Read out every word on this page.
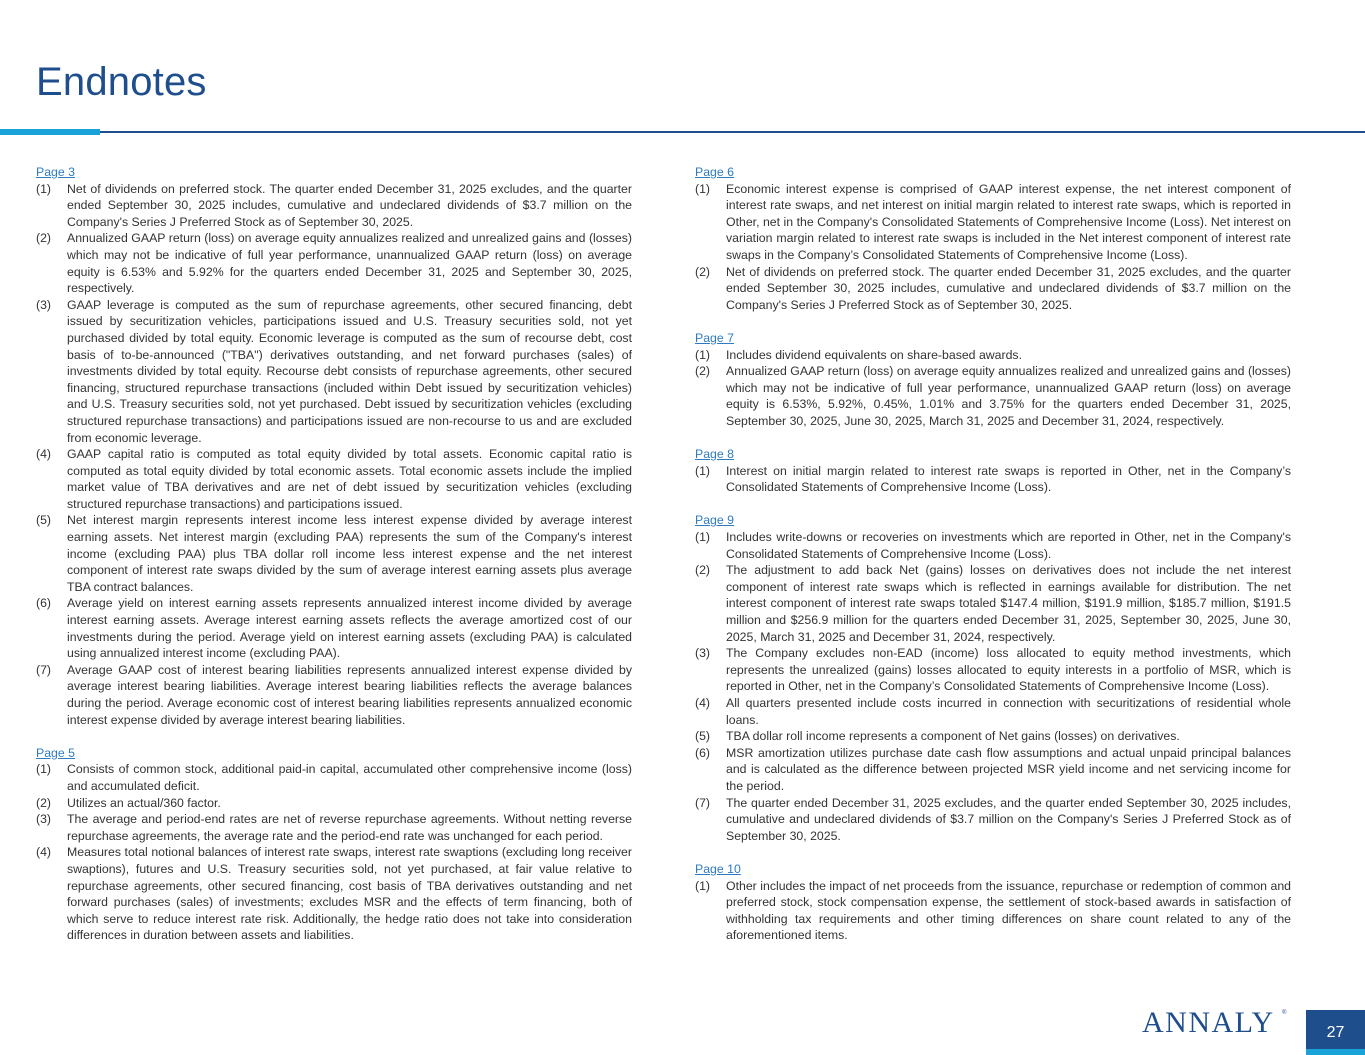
Endnotes
Page 3
(1)	Net of dividends on preferred stock. The quarter ended December 31, 2025 excludes, and the quarter ended September 30, 2025 includes, cumulative and undeclared dividends of $3.7 million on the Company's Series J Preferred Stock as of September 30, 2025.
(2)	Annualized GAAP return (loss) on average equity annualizes realized and unrealized gains and (losses) which may not be indicative of full year performance, unannualized GAAP return (loss) on average equity is 6.53% and 5.92% for the quarters ended December 31, 2025 and September 30, 2025, respectively.
(3)	GAAP leverage is computed as the sum of repurchase agreements, other secured financing, debt issued by securitization vehicles, participations issued and U.S. Treasury securities sold, not yet purchased divided by total equity. Economic leverage is computed as the sum of recourse debt, cost basis of to-be-announced ("TBA") derivatives outstanding, and net forward purchases (sales) of investments divided by total equity. Recourse debt consists of repurchase agreements, other secured financing, structured repurchase transactions (included within Debt issued by securitization vehicles) and U.S. Treasury securities sold, not yet purchased. Debt issued by securitization vehicles (excluding structured repurchase transactions) and participations issued are non-recourse to us and are excluded from economic leverage.
(4)	GAAP capital ratio is computed as total equity divided by total assets. Economic capital ratio is computed as total equity divided by total economic assets. Total economic assets include the implied market value of TBA derivatives and are net of debt issued by securitization vehicles (excluding structured repurchase transactions) and participations issued.
(5)	Net interest margin represents interest income less interest expense divided by average interest earning assets. Net interest margin (excluding PAA) represents the sum of the Company's interest income (excluding PAA) plus TBA dollar roll income less interest expense and the net interest component of interest rate swaps divided by the sum of average interest earning assets plus average TBA contract balances.
(6)	Average yield on interest earning assets represents annualized interest income divided by average interest earning assets. Average interest earning assets reflects the average amortized cost of our investments during the period. Average yield on interest earning assets (excluding PAA) is calculated using annualized interest income (excluding PAA).
(7)	Average GAAP cost of interest bearing liabilities represents annualized interest expense divided by average interest bearing liabilities. Average interest bearing liabilities reflects the average balances during the period. Average economic cost of interest bearing liabilities represents annualized economic interest expense divided by average interest bearing liabilities.
Page 5
(1)	Consists of common stock, additional paid-in capital, accumulated other comprehensive income (loss) and accumulated deficit.
(2)	Utilizes an actual/360 factor.
(3)	The average and period-end rates are net of reverse repurchase agreements. Without netting reverse repurchase agreements, the average rate and the period-end rate was unchanged for each period.
(4)	Measures total notional balances of interest rate swaps, interest rate swaptions (excluding long receiver swaptions), futures and U.S. Treasury securities sold, not yet purchased, at fair value relative to repurchase agreements, other secured financing, cost basis of TBA derivatives outstanding and net forward purchases (sales) of investments; excludes MSR and the effects of term financing, both of which serve to reduce interest rate risk. Additionally, the hedge ratio does not take into consideration differences in duration between assets and liabilities.
Page 6
(1)	Economic interest expense is comprised of GAAP interest expense, the net interest component of interest rate swaps, and net interest on initial margin related to interest rate swaps, which is reported in Other, net in the Company's Consolidated Statements of Comprehensive Income (Loss). Net interest on variation margin related to interest rate swaps is included in the Net interest component of interest rate swaps in the Company’s Consolidated Statements of Comprehensive Income (Loss).
(2)	Net of dividends on preferred stock. The quarter ended December 31, 2025 excludes, and the quarter ended September 30, 2025 includes, cumulative and undeclared dividends of $3.7 million on the Company's Series J Preferred Stock as of September 30, 2025.
Page 7
(1)	Includes dividend equivalents on share-based awards.
(2)	Annualized GAAP return (loss) on average equity annualizes realized and unrealized gains and (losses) which may not be indicative of full year performance, unannualized GAAP return (loss) on average equity is 6.53%, 5.92%, 0.45%, 1.01% and 3.75% for the quarters ended December 31, 2025, September 30, 2025, June 30, 2025, March 31, 2025 and December 31, 2024, respectively.
Page 8
(1)	Interest on initial margin related to interest rate swaps is reported in Other, net in the Company’s Consolidated Statements of Comprehensive Income (Loss).
Page 9
(1)	Includes write-downs or recoveries on investments which are reported in Other, net in the Company's Consolidated Statements of Comprehensive Income (Loss).
(2)	The adjustment to add back Net (gains) losses on derivatives does not include the net interest component of interest rate swaps which is reflected in earnings available for distribution. The net interest component of interest rate swaps totaled $147.4 million, $191.9 million, $185.7 million, $191.5 million and $256.9 million for the quarters ended December 31, 2025, September 30, 2025, June 30, 2025, March 31, 2025 and December 31, 2024, respectively.
(3)	The Company excludes non-EAD (income) loss allocated to equity method investments, which represents the unrealized (gains) losses allocated to equity interests in a portfolio of MSR, which is reported in Other, net in the Company’s Consolidated Statements of Comprehensive Income (Loss).
(4)	All quarters presented include costs incurred in connection with securitizations of residential whole loans.
(5)	TBA dollar roll income represents a component of Net gains (losses) on derivatives.
(6)	MSR amortization utilizes purchase date cash flow assumptions and actual unpaid principal balances and is calculated as the difference between projected MSR yield income and net servicing income for the period.
(7)	The quarter ended December 31, 2025 excludes, and the quarter ended September 30, 2025 includes, cumulative and undeclared dividends of $3.7 million on the Company's Series J Preferred Stock as of September 30, 2025.
Page 10
(1)	Other includes the impact of net proceeds from the issuance, repurchase or redemption of common and preferred stock, stock compensation expense, the settlement of stock-based awards in satisfaction of withholding tax requirements and other timing differences on share count related to any of the aforementioned items.
ANNALY ®
27
